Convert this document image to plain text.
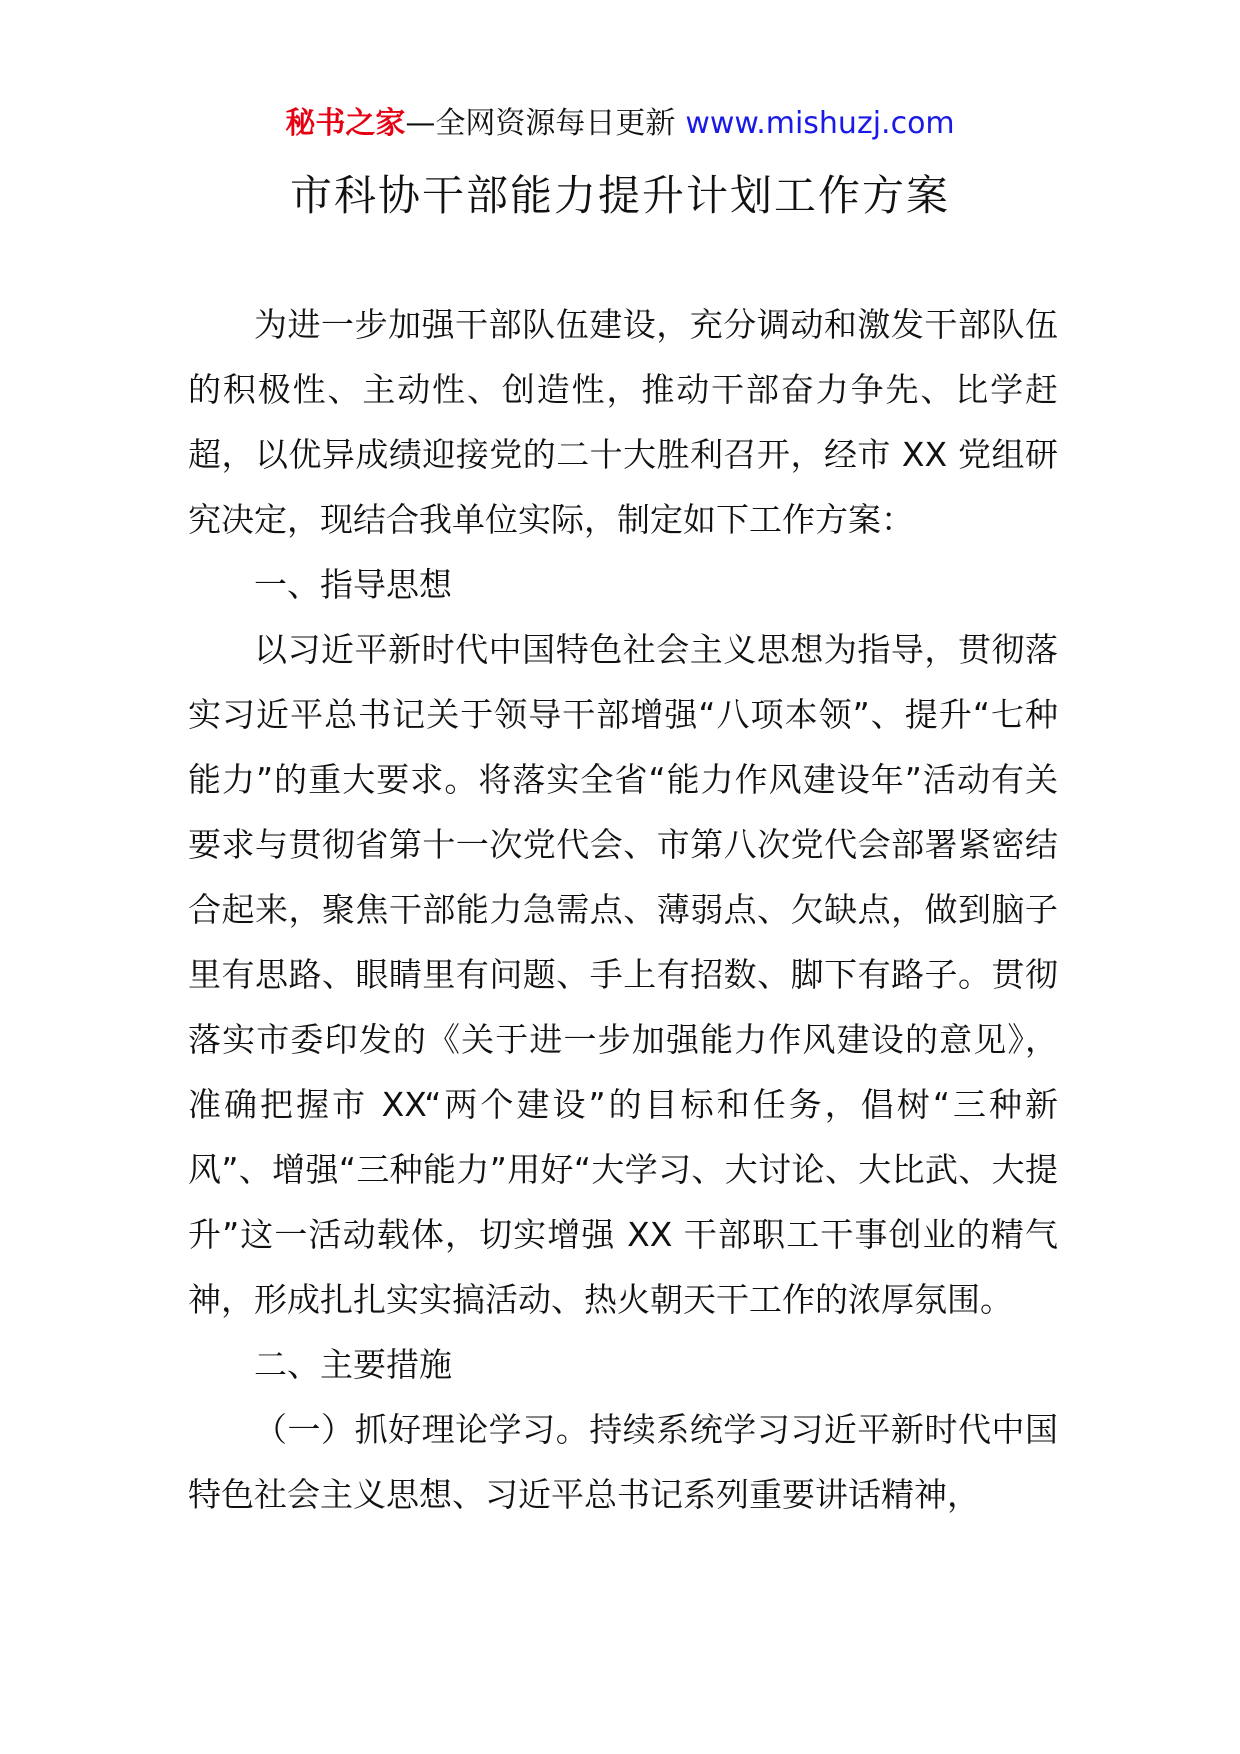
秘书之家—全网资源每日更新 www.mishuzj.com
市科协干部能力提升计划工作方案

为进一步加强干部队伍建设，充分调动和激发干部队伍的积极性、主动性、创造性，推动干部奋力争先、比学赶超，以优异成绩迎接党的二十大胜利召开，经市 XX 党组研究决定，现结合我单位实际，制定如下工作方案：

一、指导思想

以习近平新时代中国特色社会主义思想为指导，贯彻落实习近平总书记关于领导干部增强“八项本领”、提升“七种能力”的重大要求。将落实全省“能力作风建设年”活动有关要求与贯彻省第十一次党代会、市第八次党代会部署紧密结合起来，聚焦干部能力急需点、薄弱点、欠缺点，做到脑子里有思路、眼睛里有问题、手上有招数、脚下有路子。贯彻落实市委印发的《关于进一步加强能力作风建设的意见》，准确把握市 XX“两个建设”的目标和任务，倡树“三种新风”、增强“三种能力”用好“大学习、大讨论、大比武、大提升”这一活动载体，切实增强 XX 干部职工干事创业的精气神，形成扎扎实实搞活动、热火朝天干工作的浓厚氛围。

二、主要措施

（一）抓好理论学习。持续系统学习习近平新时代中国特色社会主义思想、习近平总书记系列重要讲话精神，
